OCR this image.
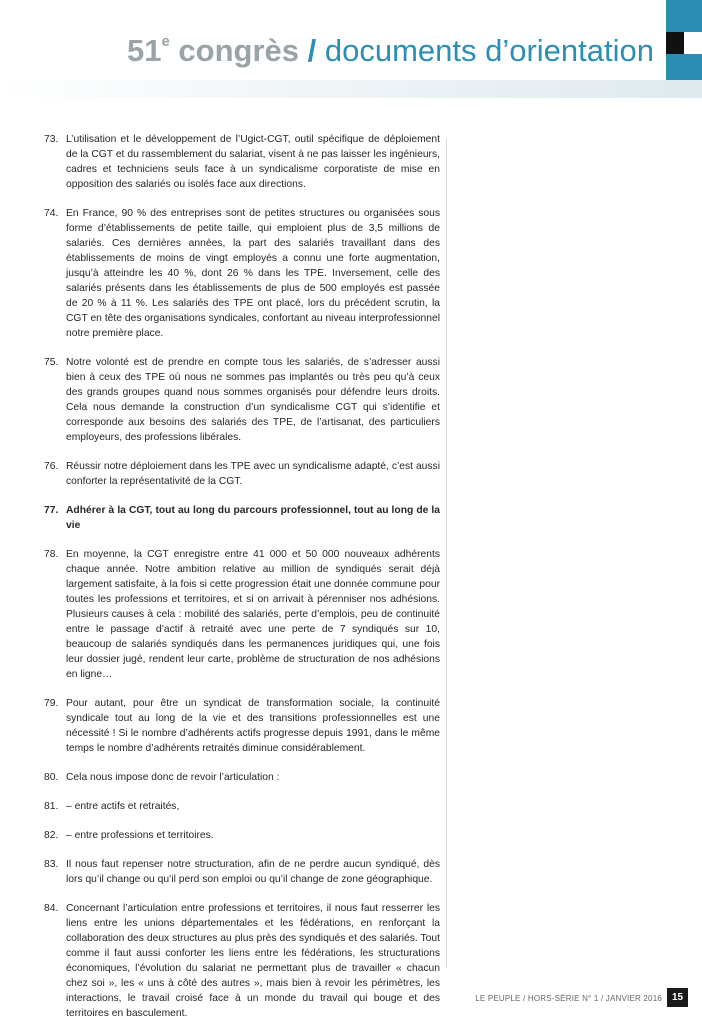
51e congrès / documents d’orientation
73. L’utilisation et le développement de l’Ugict-CGT, outil spécifique de déploiement de la CGT et du rassemblement du salariat, visent à ne pas laisser les ingénieurs, cadres et techniciens seuls face à un syndicalisme corporatiste de mise en opposition des salariés ou isolés face aux directions.
74. En France, 90 % des entreprises sont de petites structures ou organisées sous forme d’établissements de petite taille, qui emploient plus de 3,5 millions de salariés. Ces dernières années, la part des salariés travaillant dans des établissements de moins de vingt employés a connu une forte augmentation, jusqu’à atteindre les 40 %, dont 26 % dans les TPE. Inversement, celle des salariés présents dans les établissements de plus de 500 employés est passée de 20 % à 11 %. Les salariés des TPE ont placé, lors du précédent scrutin, la CGT en tête des organisations syndicales, confortant au niveau interprofessionnel notre première place.
75. Notre volonté est de prendre en compte tous les salariés, de s’adresser aussi bien à ceux des TPE où nous ne sommes pas implantés ou très peu qu’à ceux des grands groupes quand nous sommes organisés pour défendre leurs droits. Cela nous demande la construction d’un syndicalisme CGT qui s’identifie et corresponde aux besoins des salariés des TPE, de l’artisanat, des particuliers employeurs, des professions libérales.
76. Réussir notre déploiement dans les TPE avec un syndicalisme adapté, c’est aussi conforter la représentativité de la CGT.
77. Adhérer à la CGT, tout au long du parcours professionnel, tout au long de la vie
78. En moyenne, la CGT enregistre entre 41 000 et 50 000 nouveaux adhérents chaque année. Notre ambition relative au million de syndiqués serait déjà largement satisfaite, à la fois si cette progression était une donnée commune pour toutes les professions et territoires, et si on arrivait à pérenniser nos adhésions. Plusieurs causes à cela : mobilité des salariés, perte d’emplois, peu de continuité entre le passage d’actif à retraité avec une perte de 7 syndiqués sur 10, beaucoup de salariés syndiqués dans les permanences juridiques qui, une fois leur dossier jugé, rendent leur carte, problème de structuration de nos adhésions en ligne…
79. Pour autant, pour être un syndicat de transformation sociale, la continuité syndicale tout au long de la vie et des transitions professionnelles est une nécessité ! Si le nombre d’adhérents actifs progresse depuis 1991, dans le même temps le nombre d’adhérents retraités diminue considérablement.
80. Cela nous impose donc de revoir l’articulation :
81. – entre actifs et retraités,
82. – entre professions et territoires.
83. Il nous faut repenser notre structuration, afin de ne perdre aucun syndiqué, dès lors qu’il change ou qu’il perd son emploi ou qu’il change de zone géographique.
84. Concernant l’articulation entre professions et territoires, il nous faut resserrer les liens entre les unions départementales et les fédérations, en renforçant la collaboration des deux structures au plus près des syndiqués et des salariés. Tout comme il faut aussi conforter les liens entre les fédérations, les structurations économiques, l’évolution du salariat ne permettant plus de travailler « chacun chez soi », les « uns à côté des autres », mais bien à revoir les périmètres, les interactions, le travail croisé face à un monde du travail qui bouge et des territoires en basculement.
LE PEUPLE / HORS-SÉRIE N° 1 / JANVIER 2016 15
